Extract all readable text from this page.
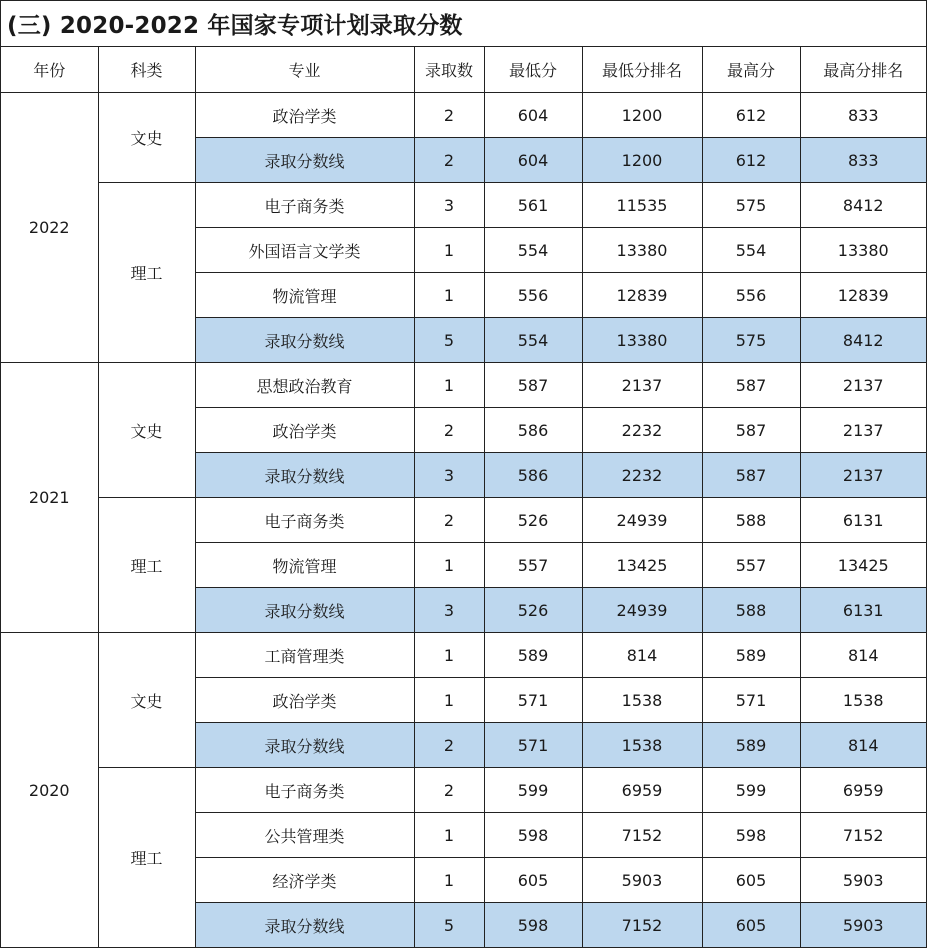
(三) 2020-2022 年国家专项计划录取分数
年份	科类	专业	录取数	最低分	最低分排名	最高分	最高分排名
2022	文史	政治学类	2	604	1200	612	833
		录取分数线	2	604	1200	612	833
	理工	电子商务类	3	561	11535	575	8412
		外国语言文学类	1	554	13380	554	13380
		物流管理	1	556	12839	556	12839
		录取分数线	5	554	13380	575	8412
2021	文史	思想政治教育	1	587	2137	587	2137
		政治学类	2	586	2232	587	2137
		录取分数线	3	586	2232	587	2137
	理工	电子商务类	2	526	24939	588	6131
		物流管理	1	557	13425	557	13425
		录取分数线	3	526	24939	588	6131
2020	文史	工商管理类	1	589	814	589	814
		政治学类	1	571	1538	571	1538
		录取分数线	2	571	1538	589	814
	理工	电子商务类	2	599	6959	599	6959
		公共管理类	1	598	7152	598	7152
		经济学类	1	605	5903	605	5903
		录取分数线	5	598	7152	605	5903
